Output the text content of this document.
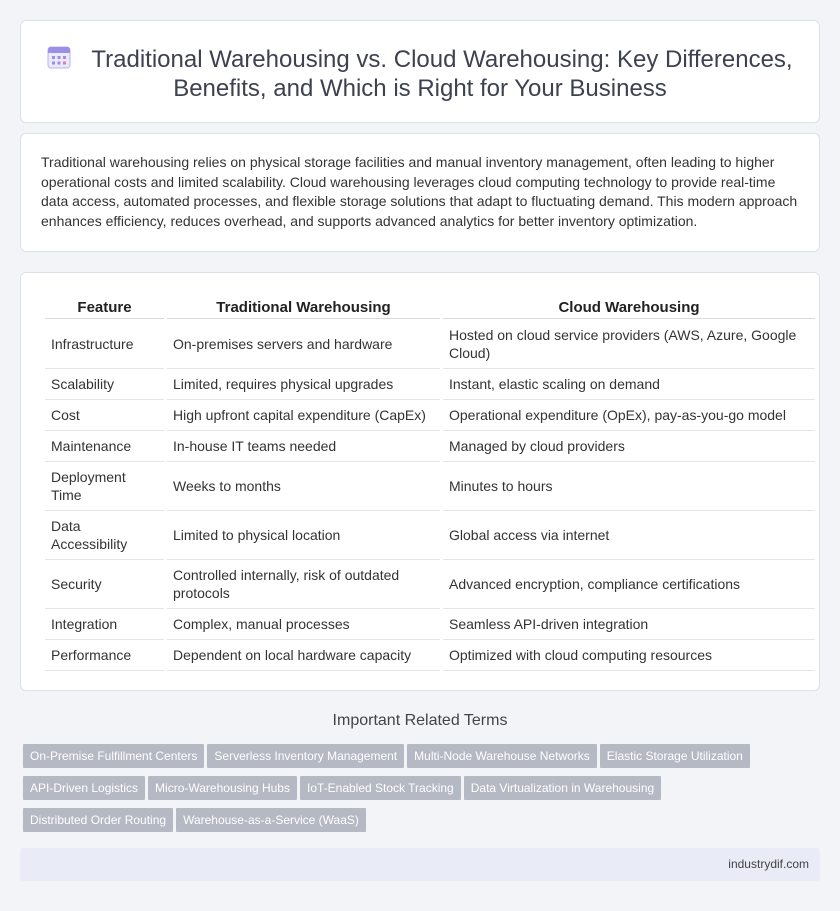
Traditional Warehousing vs. Cloud Warehousing: Key Differences, Benefits, and Which is Right for Your Business

Traditional warehousing relies on physical storage facilities and manual inventory management, often leading to higher operational costs and limited scalability. Cloud warehousing leverages cloud computing technology to provide real-time data access, automated processes, and flexible storage solutions that adapt to fluctuating demand. This modern approach enhances efficiency, reduces overhead, and supports advanced analytics for better inventory optimization.

Feature	Traditional Warehousing	Cloud Warehousing
Infrastructure	On-premises servers and hardware	Hosted on cloud service providers (AWS, Azure, Google Cloud)
Scalability	Limited, requires physical upgrades	Instant, elastic scaling on demand
Cost	High upfront capital expenditure (CapEx)	Operational expenditure (OpEx), pay-as-you-go model
Maintenance	In-house IT teams needed	Managed by cloud providers
Deployment Time	Weeks to months	Minutes to hours
Data Accessibility	Limited to physical location	Global access via internet
Security	Controlled internally, risk of outdated protocols	Advanced encryption, compliance certifications
Integration	Complex, manual processes	Seamless API-driven integration
Performance	Dependent on local hardware capacity	Optimized with cloud computing resources
Important Related Terms
On-Premise Fulfillment Centers Serverless Inventory Management Multi-Node Warehouse Networks Elastic Storage Utilization
API-Driven Logistics Micro-Warehousing Hubs IoT-Enabled Stock Tracking Data Virtualization in Warehousing
Distributed Order Routing Warehouse-as-a-Service (WaaS)
industrydif.com
